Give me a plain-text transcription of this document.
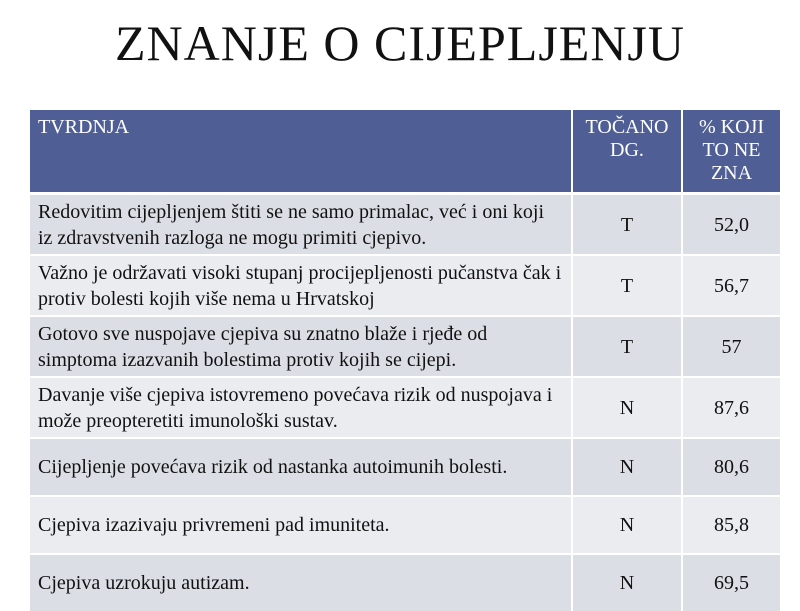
ZNANJE O CIJEPLJENJU
TVRDNJA	TOČANO DG.	% KOJI TO NE ZNA
Redovitim cijepljenjem štiti se ne samo primalac, već i oni koji iz zdravstvenih razloga ne mogu primiti cjepivo.	T	52,0
Važno je održavati visoki stupanj procijepljenosti pučanstva čak i protiv bolesti kojih više nema u Hrvatskoj	T	56,7
Gotovo sve nuspojave cjepiva su znatno blaže i rjeđe od simptoma izazvanih bolestima protiv kojih se cijepi.	T	57
Davanje više cjepiva istovremeno povećava rizik od nuspojava i može preopteretiti imunološki sustav.	N	87,6
Cijepljenje povećava rizik od nastanka autoimunih bolesti.	N	80,6
Cjepiva izazivaju privremeni pad imuniteta.	N	85,8
Cjepiva uzrokuju autizam.	N	69,5
